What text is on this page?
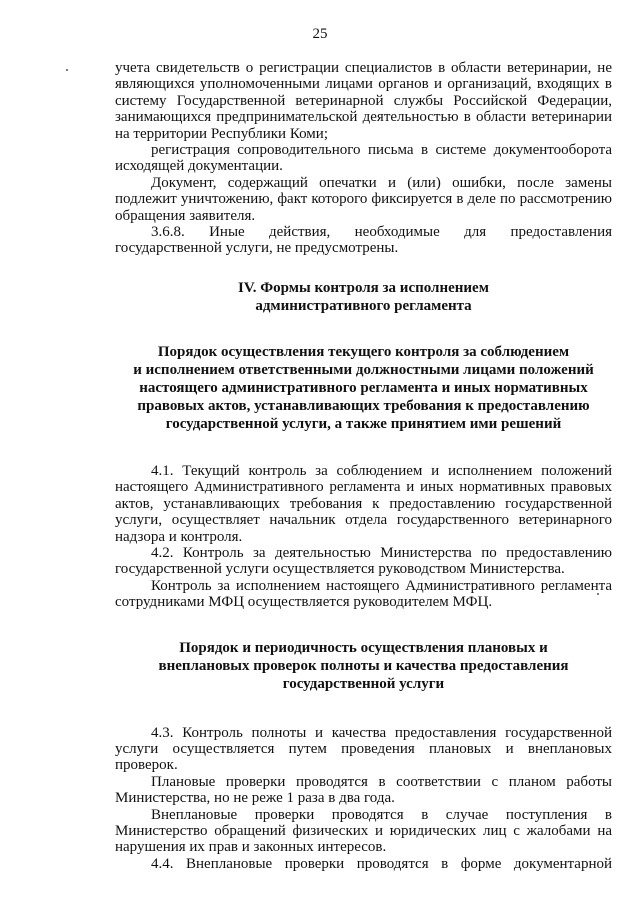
25

учета свидетельств о регистрации специалистов в области ветеринарии, не являющихся уполномоченными лицами органов и организаций, входящих в систему Государственной ветеринарной службы Российской Федерации, занимающихся предпринимательской деятельностью в области ветеринарии на территории Республики Коми;

регистрация сопроводительного письма в системе документооборота исходящей документации.

Документ, содержащий опечатки и (или) ошибки, после замены подлежит уничтожению, факт которого фиксируется в деле по рассмотрению обращения заявителя.

3.6.8. Иные действия, необходимые для предоставления государственной услуги, не предусмотрены.

IV. Формы контроля за исполнением
административного регламента
Порядок осуществления текущего контроля за соблюдением
и исполнением ответственными должностными лицами положений
настоящего административного регламента и иных нормативных
правовых актов, устанавливающих требования к предоставлению
государственной услуги, а также принятием ими решений

4.1. Текущий контроль за соблюдением и исполнением положений настоящего Административного регламента и иных нормативных правовых актов, устанавливающих требования к предоставлению государственной услуги, осуществляет начальник отдела государственного ветеринарного надзора и контроля.

4.2. Контроль за деятельностью Министерства по предоставлению государственной услуги осуществляется руководством Министерства.

Контроль за исполнением настоящего Административного регламента сотрудниками МФЦ осуществляется руководителем МФЦ.

Порядок и периодичность осуществления плановых и
внеплановых проверок полноты и качества предоставления
государственной услуги

4.3. Контроль полноты и качества предоставления государственной услуги осуществляется путем проведения плановых и внеплановых проверок.

Плановые проверки проводятся в соответствии с планом работы Министерства, но не реже 1 раза в два года.

Внеплановые проверки проводятся в случае поступления в Министерство обращений физических и юридических лиц с жалобами на нарушения их прав и законных интересов.

4.4. Внеплановые проверки проводятся в форме документарной
